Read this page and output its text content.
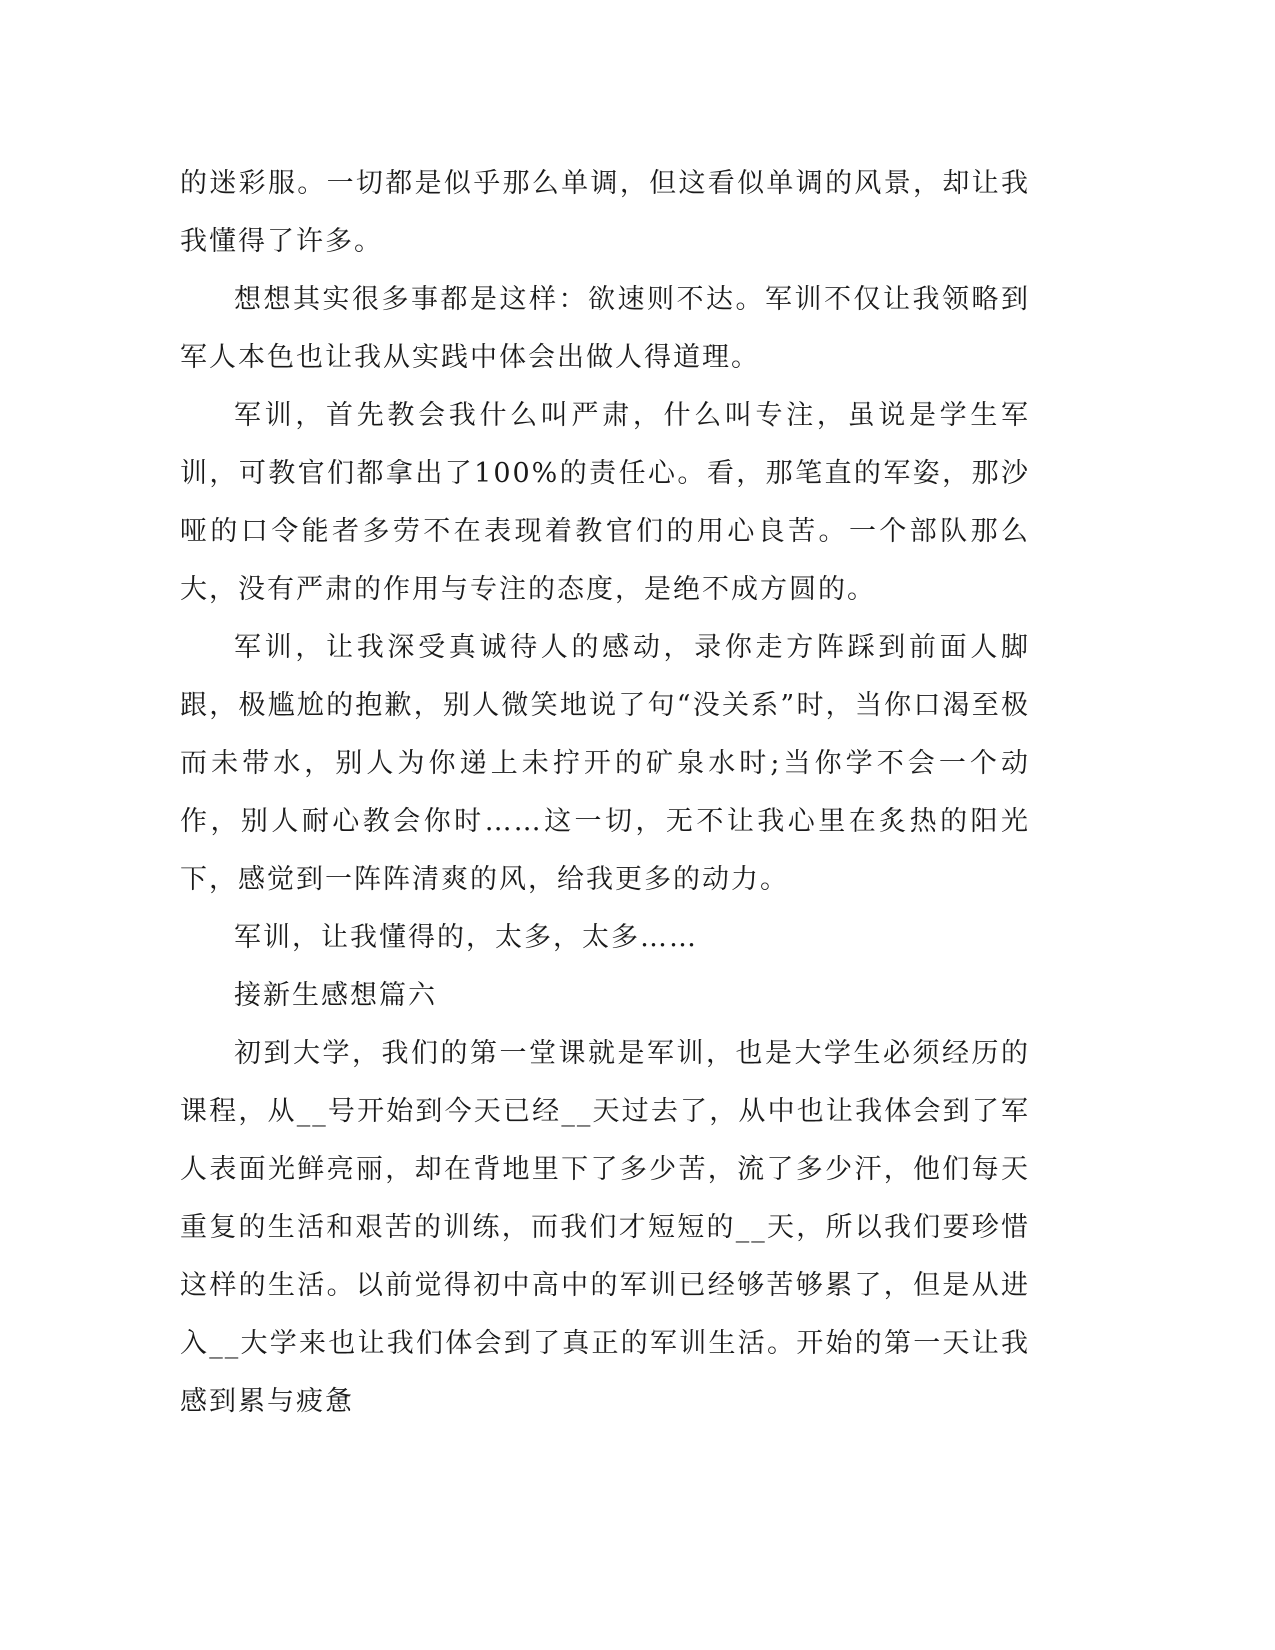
的迷彩服。一切都是似乎那么单调，但这看似单调的风景，却让我我懂得了许多。

想想其实很多事都是这样：欲速则不达。军训不仅让我领略到军人本色也让我从实践中体会出做人得道理。

军训，首先教会我什么叫严肃，什么叫专注，虽说是学生军训，可教官们都拿出了100%的责任心。看，那笔直的军姿，那沙哑的口令能者多劳不在表现着教官们的用心良苦。一个部队那么大，没有严肃的作用与专注的态度，是绝不成方圆的。

军训，让我深受真诚待人的感动，录你走方阵踩到前面人脚跟，极尴尬的抱歉，别人微笑地说了句“没关系”时，当你口渴至极而未带水，别人为你递上未拧开的矿泉水时;当你学不会一个动作，别人耐心教会你时……这一切，无不让我心里在炙热的阳光下，感觉到一阵阵清爽的风，给我更多的动力。

军训，让我懂得的，太多，太多……

接新生感想篇六

初到大学，我们的第一堂课就是军训，也是大学生必须经历的课程，从__号开始到今天已经__天过去了，从中也让我体会到了军人表面光鲜亮丽，却在背地里下了多少苦，流了多少汗，他们每天重复的生活和艰苦的训练，而我们才短短的__天，所以我们要珍惜这样的生活。以前觉得初中高中的军训已经够苦够累了，但是从进入__大学来也让我们体会到了真正的军训生活。开始的第一天让我感到累与疲惫
